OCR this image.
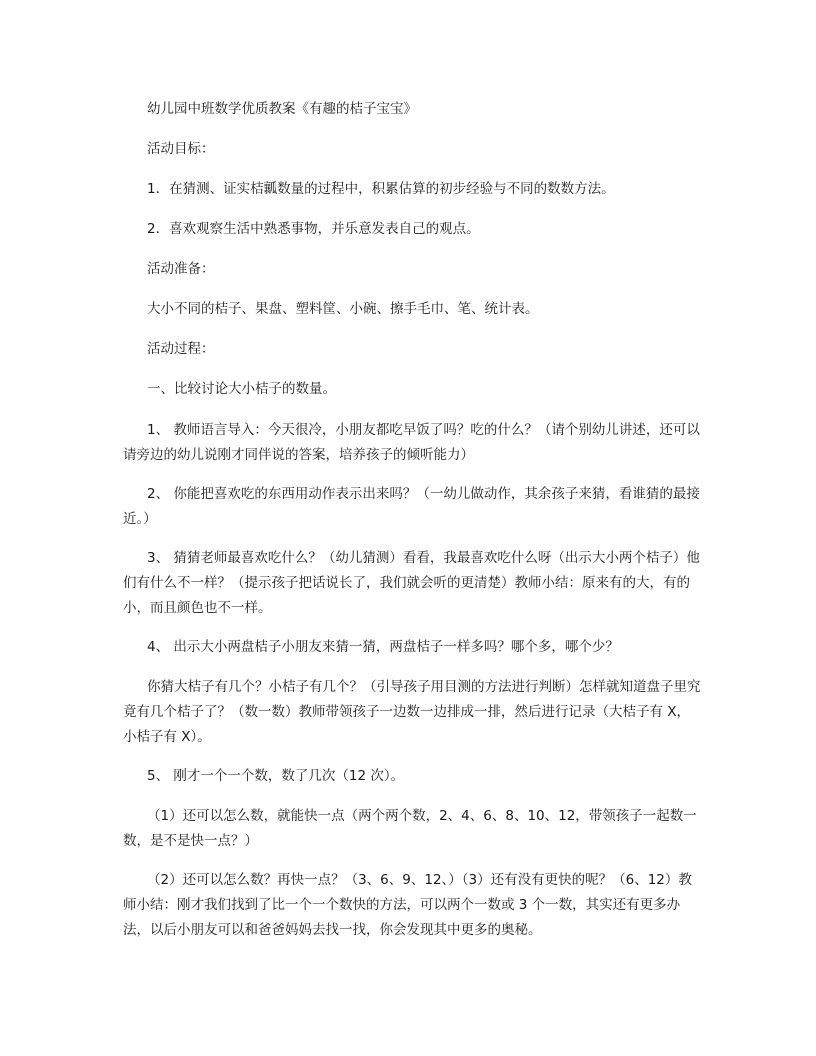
幼儿园中班数学优质教案《有趣的桔子宝宝》

活动目标：

1．在猜测、证实桔瓤数量的过程中，积累估算的初步经验与不同的数数方法。

2．喜欢观察生活中熟悉事物，并乐意发表自己的观点。

活动准备：

大小不同的桔子、果盘、塑料筐、小碗、擦手毛巾、笔、统计表。

活动过程：

一、比较讨论大小桔子的数量。

1、 教师语言导入：今天很冷，小朋友都吃早饭了吗？吃的什么？（请个别幼儿讲述，还可以请旁边的幼儿说刚才同伴说的答案，培养孩子的倾听能力）

2、 你能把喜欢吃的东西用动作表示出来吗？（一幼儿做动作，其余孩子来猜，看谁猜的最接近。）

3、 猜猜老师最喜欢吃什么？（幼儿猜测）看看，我最喜欢吃什么呀（出示大小两个桔子）他们有什么不一样？（提示孩子把话说长了，我们就会听的更清楚）教师小结：原来有的大，有的小，而且颜色也不一样。

4、 出示大小两盘桔子小朋友来猜一猜，两盘桔子一样多吗？哪个多，哪个少？

你猜大桔子有几个？小桔子有几个？（引导孩子用目测的方法进行判断）怎样就知道盘子里究竟有几个桔子了？（数一数）教师带领孩子一边数一边排成一排，然后进行记录（大桔子有 X，小桔子有 X）。

5、 刚才一个一个数，数了几次（12 次）。

（1）还可以怎么数，就能快一点（两个两个数，2、4、6、8、10、12，带领孩子一起数一数，是不是快一点？）

（2）还可以怎么数？再快一点？（3、6、9、12、）（3）还有没有更快的呢？（6、12）教师小结：刚才我们找到了比一个一个数快的方法，可以两个一数或 3 个一数，其实还有更多办法，以后小朋友可以和爸爸妈妈去找一找，你会发现其中更多的奥秘。
